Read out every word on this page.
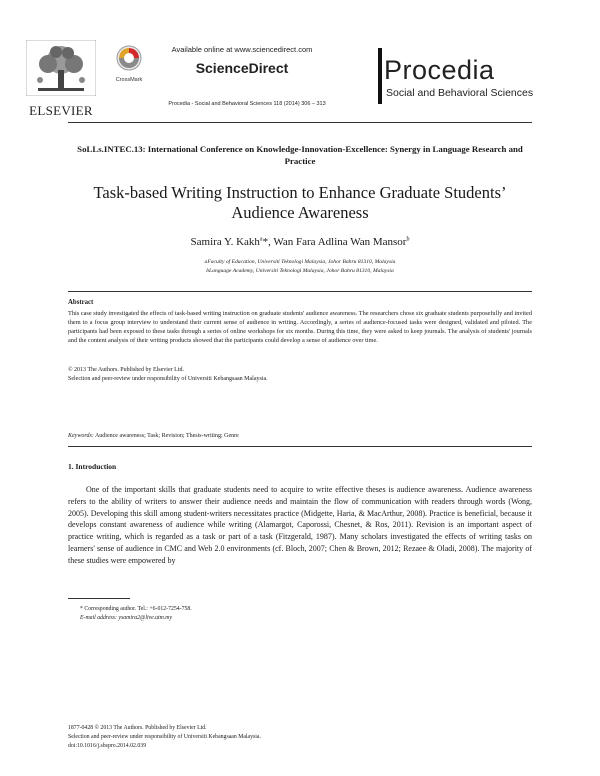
ELSEVIER
CrossMark
Available online at www.sciencedirect.com
ScienceDirect
Procedia - Social and Behavioral Sciences 118 (2014) 306 – 313
Procedia
Social and Behavioral Sciences
SoLLs.INTEC.13: International Conference on Knowledge-Innovation-Excellence: Synergy in Language Research and Practice
Task-based Writing Instruction to Enhance Graduate Students’
Audience Awareness
Samira Y. Kakh$^a$*, Wan Fara Adlina Wan Mansor$^b$
aFaculty of Education, Universiti Teknologi Malaysia, Johor Bahru 81310, Malaysia
bLanguage Academy, Universiti Teknologi Malaysia, Johor Bahru 81310, Malaysia
Abstract
This case study investigated the effects of task-based writing instruction on graduate students' audience awareness. The researchers chose six graduate students purposefully and invited them to a focus group interview to understand their current sense of audience in writing. Accordingly, a series of audience-focused tasks were designed, validated and piloted. The participants had been exposed to these tasks through a series of online workshops for six months. During this time, they were asked to keep journals. The analysis of students' journals and the content analysis of their writing products showed that the participants could develop a sense of audience over time.
© 2013 The Authors. Published by Elsevier Ltd.
Selection and peer-review under responsibility of Universiti Kebangsaan Malaysia.
Keywords: Audience awareness; Task; Revision; Thesis-writing; Genre
1. Introduction

One of the important skills that graduate students need to acquire to write effective theses is audience awareness. Audience awareness refers to the ability of writers to answer their audience needs and maintain the flow of communication with readers through words (Wong, 2005). Developing this skill among student-writers necessitates practice (Midgette, Haria, & MacArthur, 2008). Practice is beneficial, because it develops constant awareness of audience while writing (Alamargot, Caporossi, Chesnet, & Ros, 2011). Revision is an important aspect of practice writing, which is regarded as a task or part of a task (Fitzgerald, 1987). Many scholars investigated the effects of writing tasks on learners' sense of audience in CMC and Web 2.0 environments (cf. Bloch, 2007; Chen & Brown, 2012; Rezaee & Oladi, 2008). The majority of these studies were empowered by

* Corresponding author. Tel.: +6-012-7254-758.
E-mail address: ysamira2@live.utm.my
1877-0428 © 2013 The Authors. Published by Elsevier Ltd.
Selection and peer-review under responsibility of Universiti Kebangsaan Malaysia.
doi:10.1016/j.sbspro.2014.02.039
